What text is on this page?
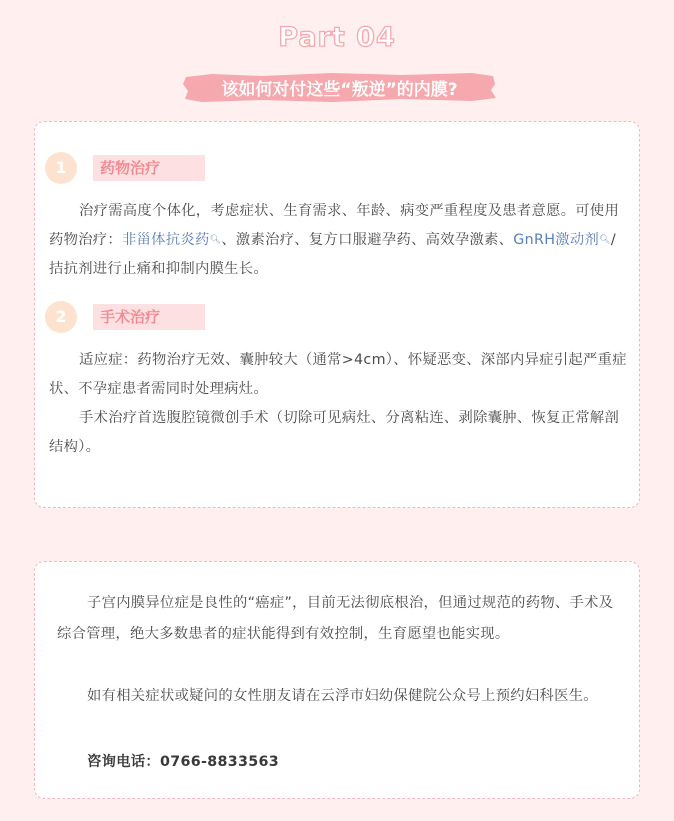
Part 04
该如何对付这些“叛逆”的内膜?
1	药物治疗

治疗需高度个体化，考虑症状、生育需求、年龄、病变严重程度及患者意愿。可使用药物治疗：非甾体抗炎药🔍︎、激素治疗、复方口服避孕药、高效孕激素、GnRH激动剂🔍︎/拮抗剂进行止痛和抑制内膜生长。

2	手术治疗

适应症：药物治疗无效、囊肿较大（通常>4cm）、怀疑恶变、深部内异症引起严重症状、不孕症患者需同时处理病灶。

手术治疗首选腹腔镜微创手术（切除可见病灶、分离粘连、剥除囊肿、恢复正常解剖结构）。

子宫内膜异位症是良性的“癌症”，目前无法彻底根治，但通过规范的药物、手术及综合管理，绝大多数患者的症状能得到有效控制，生育愿望也能实现。

如有相关症状或疑问的女性朋友请在云浮市妇幼保健院公众号上预约妇科医生。

咨询电话：0766-8833563
